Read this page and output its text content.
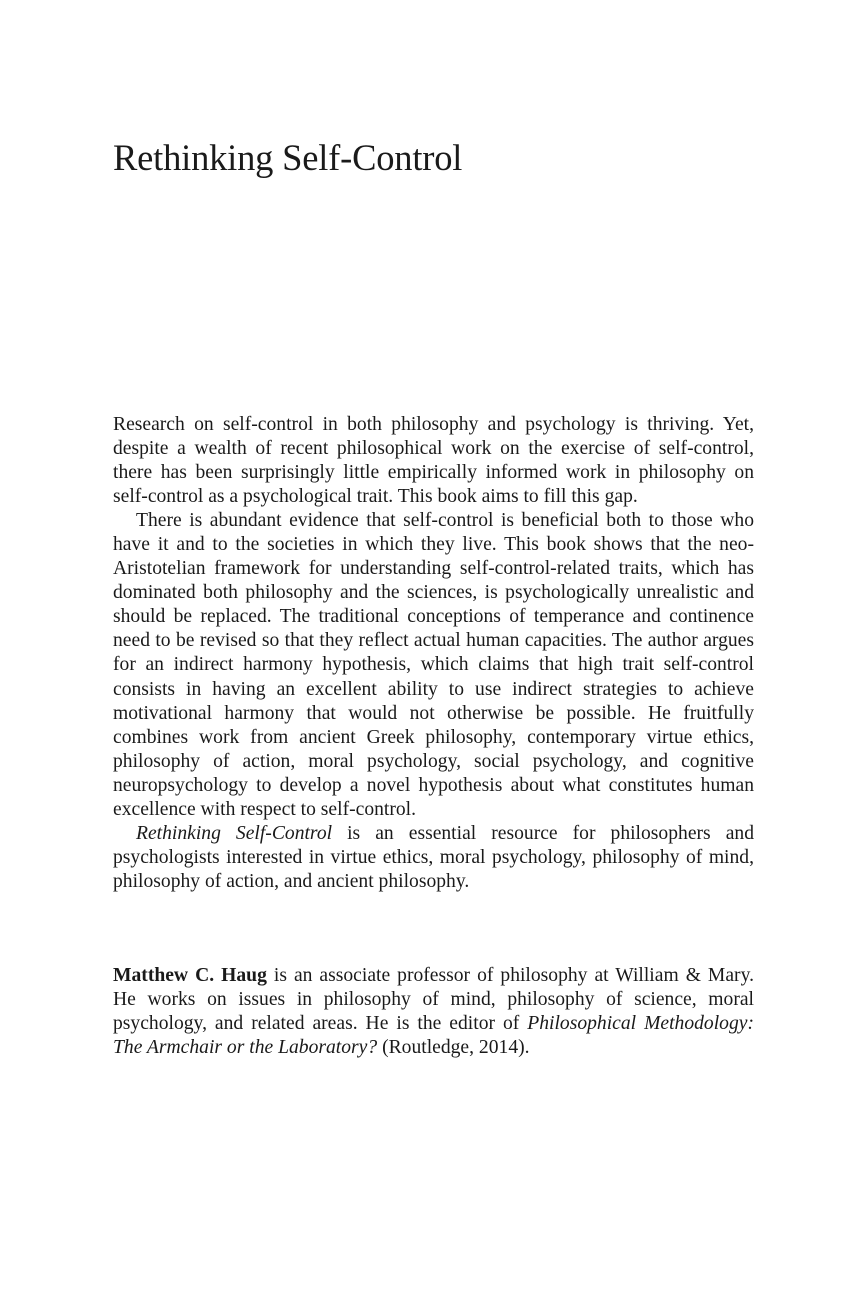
Rethinking Self-Control

Research on self-control in both philosophy and psychology is thriving. Yet, despite a wealth of recent philosophical work on the exercise of self-control, there has been surprisingly little empirically informed work in philosophy on self-control as a psychological trait. This book aims to fill this gap.

There is abundant evidence that self-control is beneficial both to those who have it and to the societies in which they live. This book shows that the neo-Aristotelian framework for understanding self-control-related traits, which has dominated both philosophy and the sciences, is psychologically unrealistic and should be replaced. The traditional conceptions of temperance and continence need to be revised so that they reflect actual human capacities. The author argues for an indirect harmony hypothesis, which claims that high trait self-control consists in having an excellent ability to use indirect strategies to achieve motivational harmony that would not otherwise be possible. He fruitfully combines work from ancient Greek philosophy, contemporary virtue ethics, philosophy of action, moral psychology, social psychology, and cognitive neuropsychology to develop a novel hypothesis about what constitutes human excellence with respect to self-control.

Rethinking Self-Control is an essential resource for philosophers and psychologists interested in virtue ethics, moral psychology, philosophy of mind, philosophy of action, and ancient philosophy.

Matthew C. Haug is an associate professor of philosophy at William & Mary. He works on issues in philosophy of mind, philosophy of science, moral psychology, and related areas. He is the editor of Philosophical Methodology: The Armchair or the Laboratory? (Routledge, 2014).
